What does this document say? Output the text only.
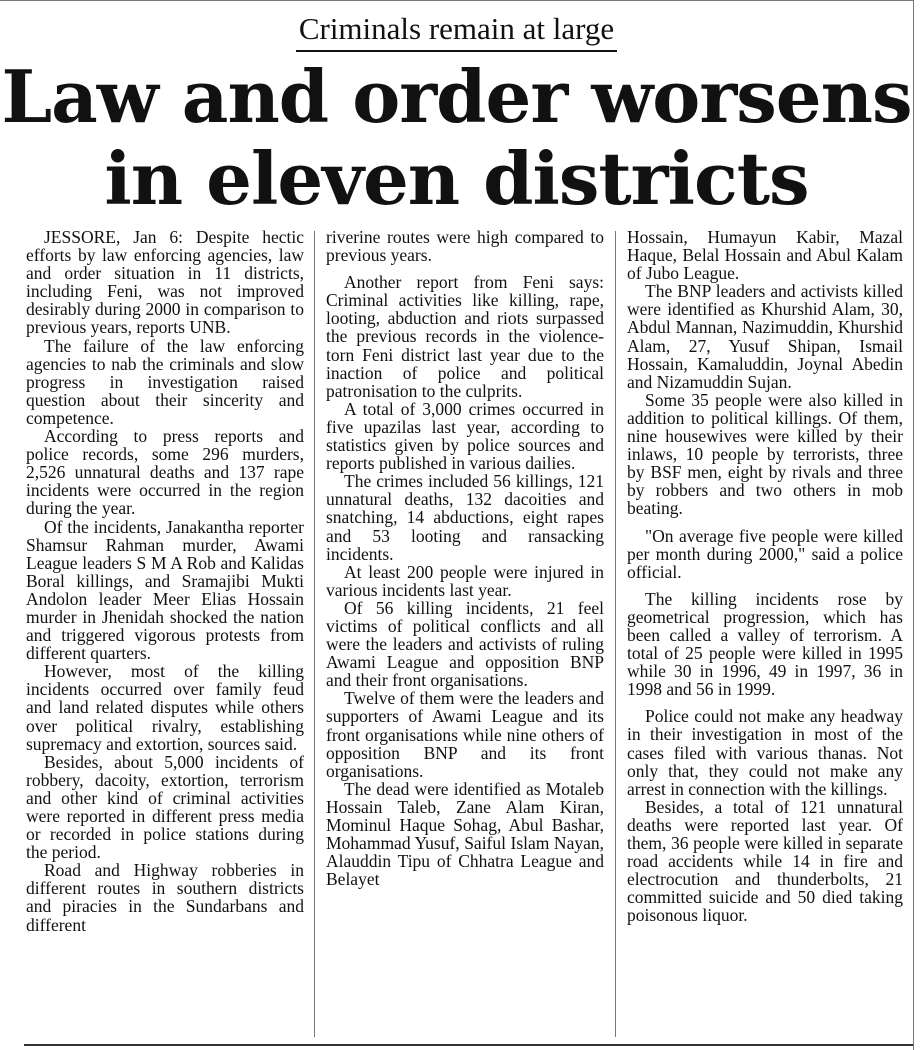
Criminals remain at large
Law and order worsens
in eleven districts

JESSORE, Jan 6: Despite hectic efforts by law enforcing agencies, law and order situation in 11 districts, including Feni, was not improved desirably during 2000 in comparison to previous years, reports UNB.

The failure of the law enforcing agencies to nab the criminals and slow progress in investigation raised question about their sincerity and competence.

According to press reports and police records, some 296 murders, 2,526 unnatural deaths and 137 rape incidents were occurred in the region during the year.

Of the incidents, Janakantha reporter Shamsur Rahman murder, Awami League leaders S M A Rob and Kalidas Boral killings, and Sramajibi Mukti Andolon leader Meer Elias Hossain murder in Jhenidah shocked the nation and triggered vigorous protests from different quarters.

However, most of the killing incidents occurred over family feud and land related disputes while others over political rivalry, establishing supremacy and extortion, sources said.

Besides, about 5,000 incidents of robbery, dacoity, extortion, terrorism and other kind of criminal activities were reported in different press media or recorded in police stations during the period.

Road and Highway robberies in different routes in southern districts and piracies in the Sundarbans and different

riverine routes were high compared to previous years.

Another report from Feni says: Criminal activities like killing, rape, looting, abduction and riots surpassed the previous records in the violence-torn Feni district last year due to the inaction of police and political patronisation to the culprits.

A total of 3,000 crimes occurred in five upazilas last year, according to statistics given by police sources and reports published in various dailies.

The crimes included 56 killings, 121 unnatural deaths, 132 dacoities and snatching, 14 abductions, eight rapes and 53 looting and ransacking incidents.

At least 200 people were injured in various incidents last year.

Of 56 killing incidents, 21 feel victims of political conflicts and all were the leaders and activists of ruling Awami League and opposition BNP and their front organisations.

Twelve of them were the leaders and supporters of Awami League and its front organisations while nine others of opposition BNP and its front organisations.

The dead were identified as Motaleb Hossain Taleb, Zane Alam Kiran, Mominul Haque Sohag, Abul Bashar, Mohammad Yusuf, Saiful Islam Nayan, Alauddin Tipu of Chhatra League and Belayet

Hossain, Humayun Kabir, Mazal Haque, Belal Hossain and Abul Kalam of Jubo League.

The BNP leaders and activists killed were identified as Khurshid Alam, 30, Abdul Mannan, Nazimuddin, Khurshid Alam, 27, Yusuf Shipan, Ismail Hossain, Kamaluddin, Joynal Abedin and Nizamuddin Sujan.

Some 35 people were also killed in addition to political killings. Of them, nine housewives were killed by their inlaws, 10 people by terrorists, three by BSF men, eight by rivals and three by robbers and two others in mob beating.

"On average five people were killed per month during 2000," said a police official.

The killing incidents rose by geometrical progression, which has been called a valley of terrorism. A total of 25 people were killed in 1995 while 30 in 1996, 49 in 1997, 36 in 1998 and 56 in 1999.

Police could not make any headway in their investigation in most of the cases filed with various thanas. Not only that, they could not make any arrest in connection with the killings.

Besides, a total of 121 unnatural deaths were reported last year. Of them, 36 people were killed in separate road accidents while 14 in fire and electrocution and thunderbolts, 21 committed suicide and 50 died taking poisonous liquor.
